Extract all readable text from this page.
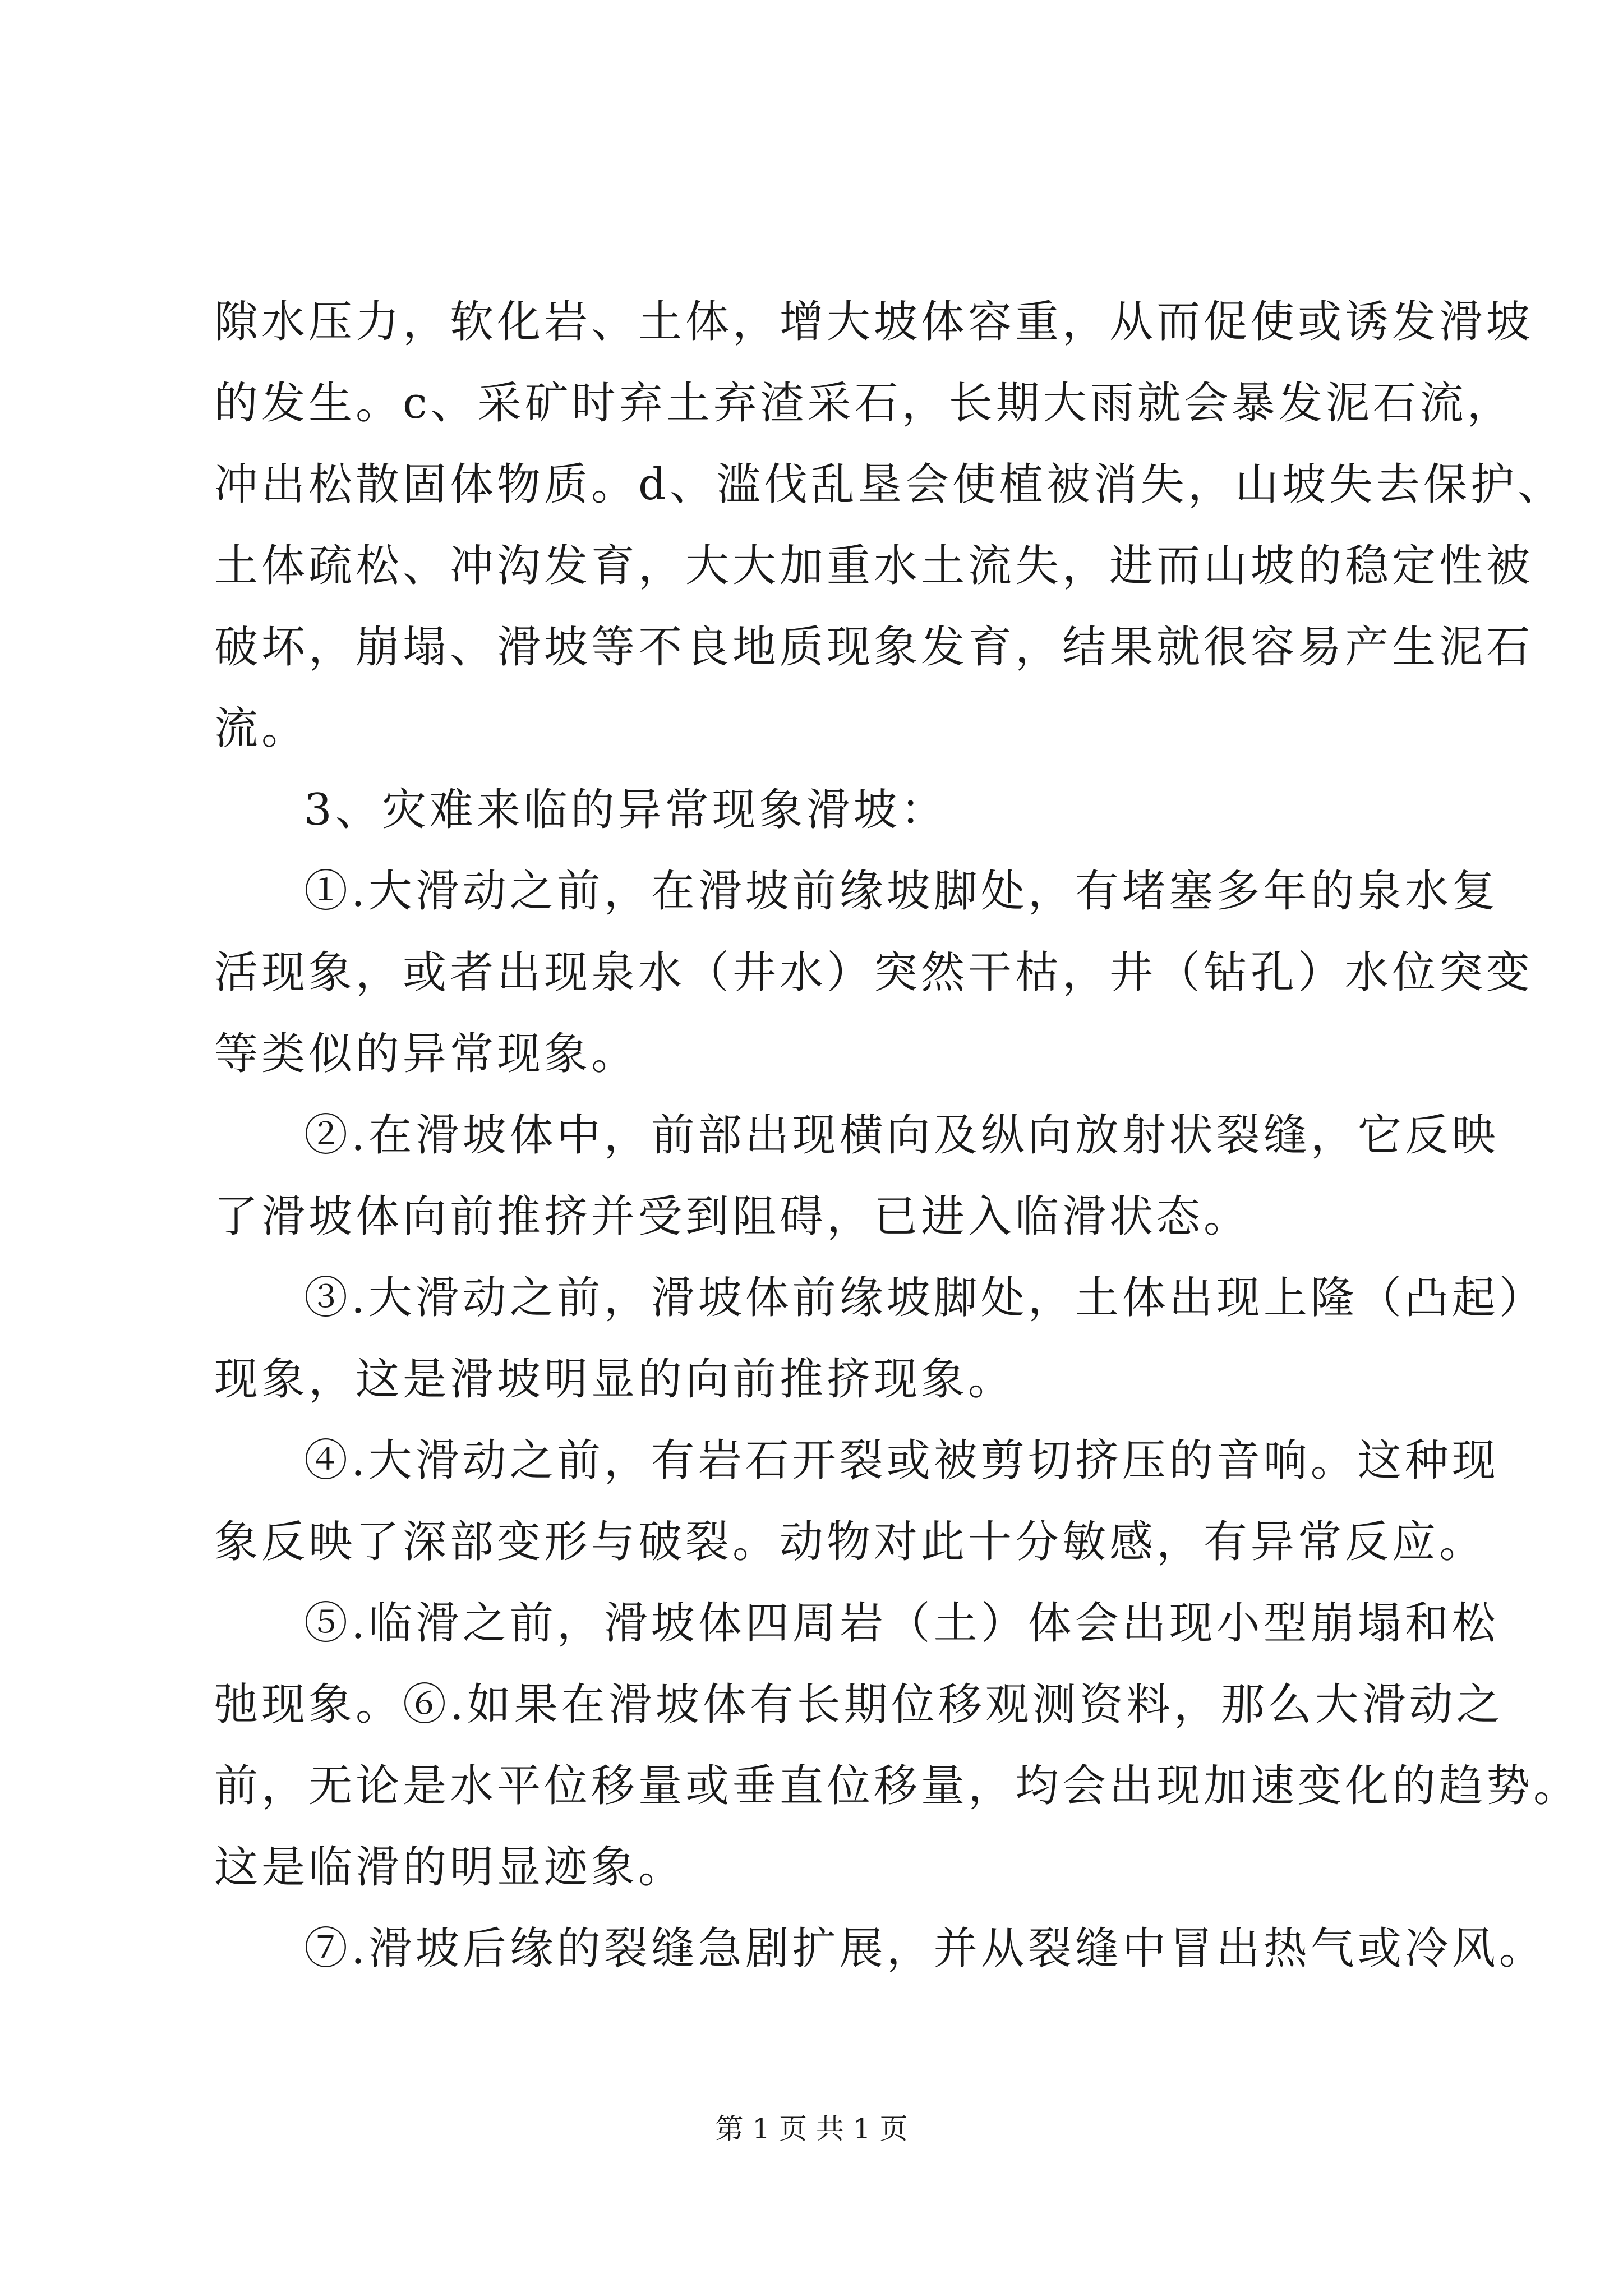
隙水压力，软化岩、土体，增大坡体容重，从而促使或诱发滑坡
的发生。c、采矿时弃土弃渣采石，长期大雨就会暴发泥石流，
冲出松散固体物质。d、滥伐乱垦会使植被消失，山坡失去保护、
土体疏松、冲沟发育，大大加重水土流失，进而山坡的稳定性被
破坏，崩塌、滑坡等不良地质现象发育，结果就很容易产生泥石
流。
3、灾难来临的异常现象滑坡：
①.大滑动之前，在滑坡前缘坡脚处，有堵塞多年的泉水复
活现象，或者出现泉水（井水）突然干枯，井（钻孔）水位突变
等类似的异常现象。
②.在滑坡体中，前部出现横向及纵向放射状裂缝，它反映
了滑坡体向前推挤并受到阻碍，已进入临滑状态。
③.大滑动之前，滑坡体前缘坡脚处，土体出现上隆（凸起）
现象，这是滑坡明显的向前推挤现象。
④.大滑动之前，有岩石开裂或被剪切挤压的音响。这种现
象反映了深部变形与破裂。动物对此十分敏感，有异常反应。
⑤.临滑之前，滑坡体四周岩（土）体会出现小型崩塌和松
弛现象。⑥.如果在滑坡体有长期位移观测资料，那么大滑动之
前，无论是水平位移量或垂直位移量，均会出现加速变化的趋势。
这是临滑的明显迹象。
⑦.滑坡后缘的裂缝急剧扩展，并从裂缝中冒出热气或冷风。
第 1 页 共 1 页
